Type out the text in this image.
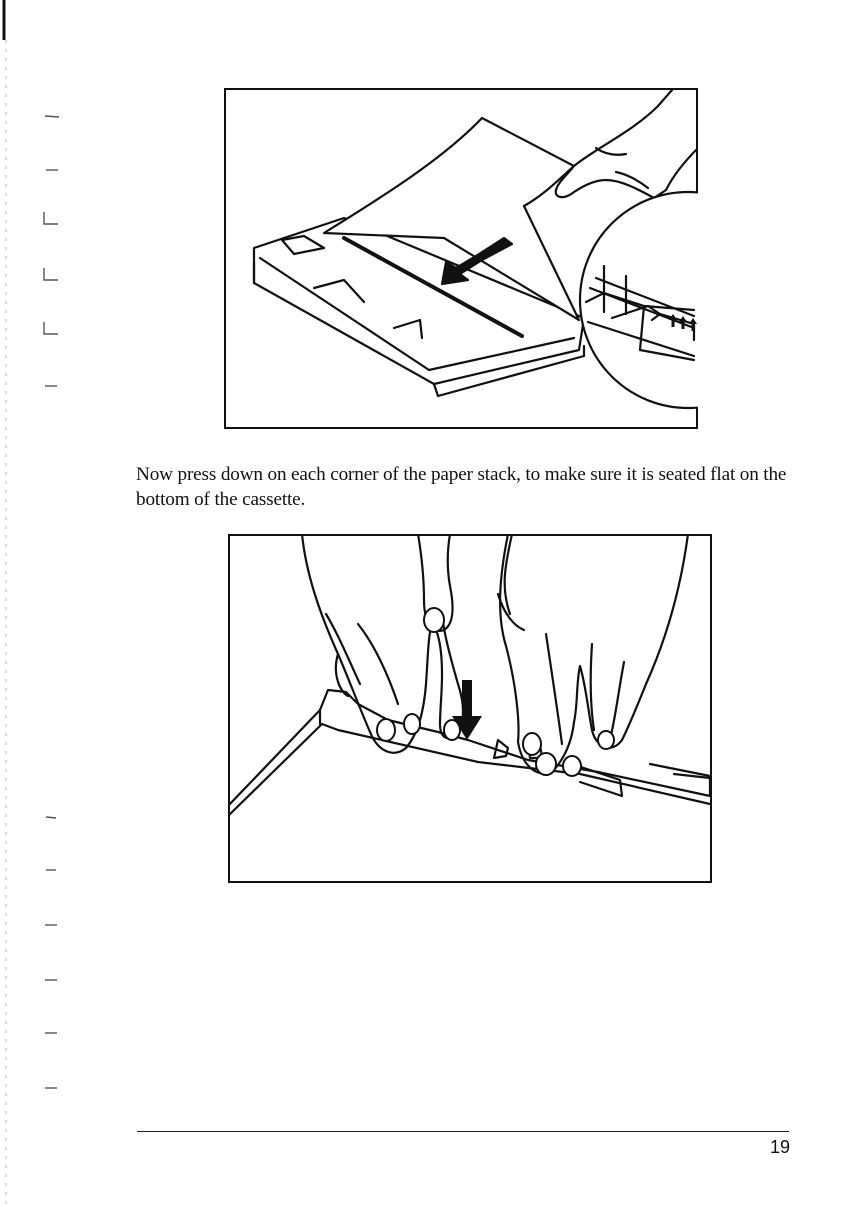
Now press down on each corner of the paper stack, to make sure it is seated flat on the bottom of the cassette.

19
